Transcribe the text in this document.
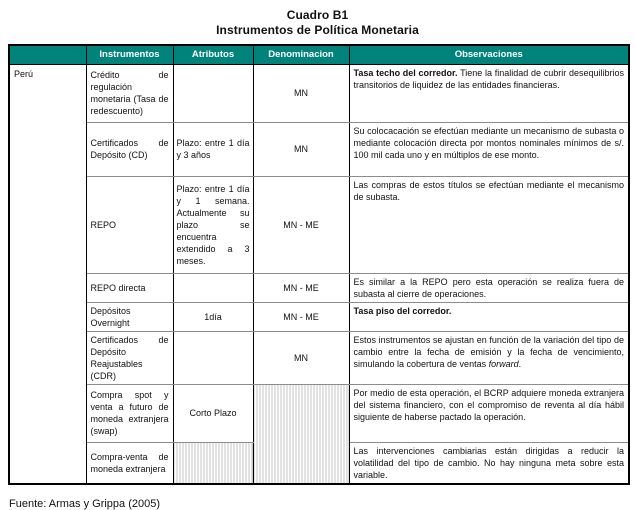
Cuadro B1
Instrumentos de Política Monetaria
	Instrumentos	Atributos	Denominacion	Observaciones
Perú	Crédito de regulación monetaria (Tasa de redescuento)		MN	Tasa techo del corredor. Tiene la finalidad de cubrir desequilibrios transitorios de liquidez de las entidades financieras.
	Certificados de Depósito (CD)	Plazo: entre 1 día y 3 años	MN	Su colocacación se efectúan mediante un mecanismo de subasta o mediante colocación directa por montos nominales mínimos de s/. 100 mil cada uno y en múltiplos de ese monto.
	REPO	Plazo: entre 1 día y 1 semana. Actualmente su plazo se encuentra extendido a 3 meses.	MN - ME	Las compras de estos títulos se efectúan mediante el mecanismo de subasta.
	REPO directa		MN - ME	Es similar a la REPO pero esta operación se realiza fuera de subasta al cierre de operaciones.
	Depósitos Overnight	1día	MN - ME	Tasa piso del corredor.
	Certificados de Depósito Reajustables (CDR)		MN	Estos instrumentos se ajustan en función de la variación del tipo de cambio entre la fecha de emisión y la fecha de vencimiento, simulando la cobertura de ventas forward.
	Compra spot y venta a futuro de moneda extranjera (swap)	Corto Plazo		Por medio de esta operación, el BCRP adquiere moneda extranjera del sistema financiero, con el compromiso de reventa al día hábil siguiente de haberse pactado la operación.
	Compra-venta de moneda extranjera			Las intervenciones cambiarias están dirigidas a reducir la volatilidad del tipo de cambio. No hay ninguna meta sobre esta variable.
Fuente: Armas y Grippa (2005)
